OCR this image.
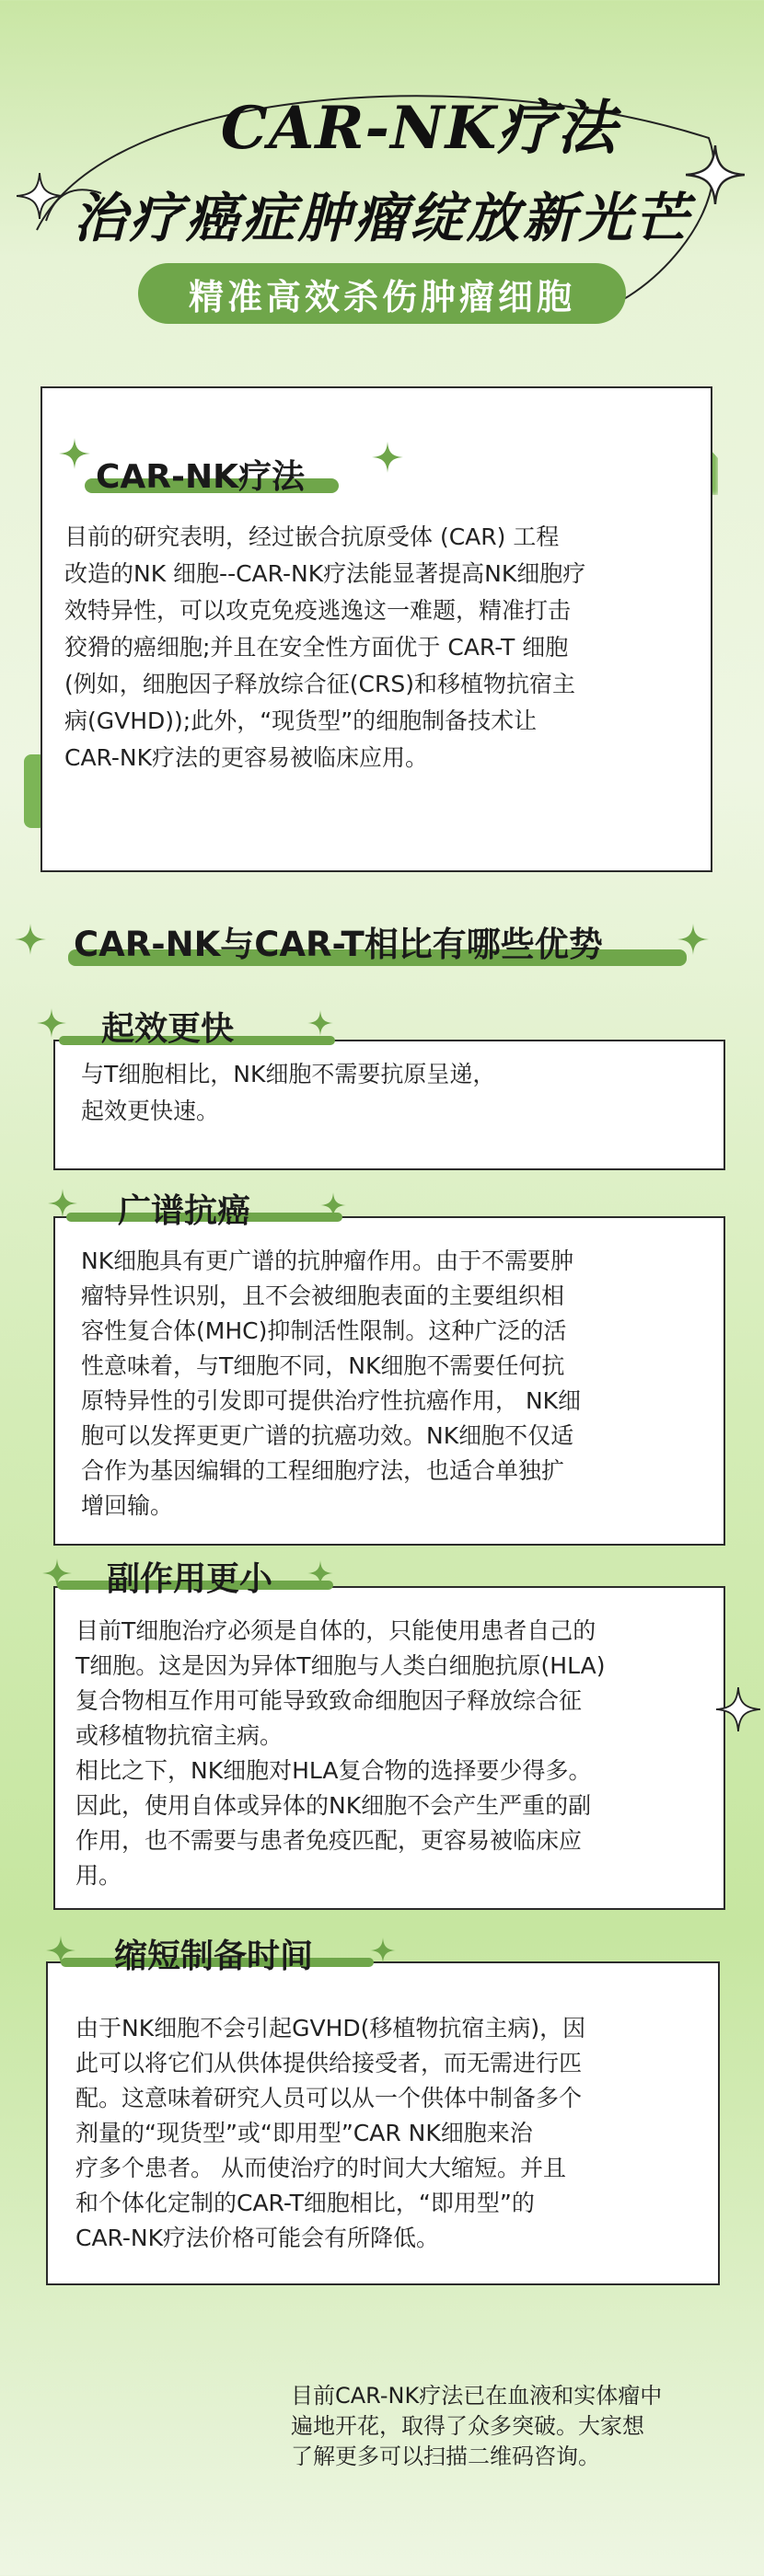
CAR-NK疗法
治疗癌症肿瘤绽放新光芒
精准高效杀伤肿瘤细胞
目前的研究表明，经过嵌合抗原受体 (CAR) 工程
改造的NK 细胞--CAR-NK疗法能显著提高NK细胞疗
效特异性，可以攻克免疫逃逸这一难题，精准打击
狡猾的癌细胞;并且在安全性方面优于 CAR-T 细胞
(例如，细胞因子释放综合征(CRS)和移植物抗宿主
病(GVHD));此外，“现货型”的细胞制备技术让
CAR-NK疗法的更容易被临床应用。
CAR-NK疗法
CAR-NK与CAR-T相比有哪些优势
与T细胞相比，NK细胞不需要抗原呈递，
起效更快速。
起效更快
NK细胞具有更广谱的抗肿瘤作用。由于不需要肿
瘤特异性识别，且不会被细胞表面的主要组织相
容性复合体(MHC)抑制活性限制。这种广泛的活
性意味着，与T细胞不同，NK细胞不需要任何抗
原特异性的引发即可提供治疗性抗癌作用， NK细
胞可以发挥更更广谱的抗癌功效。NK细胞不仅适
合作为基因编辑的工程细胞疗法，也适合单独扩
增回输。
广谱抗癌
目前T细胞治疗必须是自体的，只能使用患者自己的
T细胞。这是因为异体T细胞与人类白细胞抗原(HLA)
复合物相互作用可能导致致命细胞因子释放综合征
或移植物抗宿主病。
相比之下，NK细胞对HLA复合物的选择要少得多。
因此，使用自体或异体的NK细胞不会产生严重的副
作用，也不需要与患者免疫匹配，更容易被临床应
用。
副作用更小
由于NK细胞不会引起GVHD(移植物抗宿主病)，因
此可以将它们从供体提供给接受者，而无需进行匹
配。这意味着研究人员可以从一个供体中制备多个
剂量的“现货型”或“即用型”CAR NK细胞来治
疗多个患者。 从而使治疗的时间大大缩短。并且
和个体化定制的CAR-T细胞相比，“即用型”的
CAR-NK疗法价格可能会有所降低。
缩短制备时间
目前CAR-NK疗法已在血液和实体瘤中
遍地开花，取得了众多突破。大家想
了解更多可以扫描二维码咨询。
